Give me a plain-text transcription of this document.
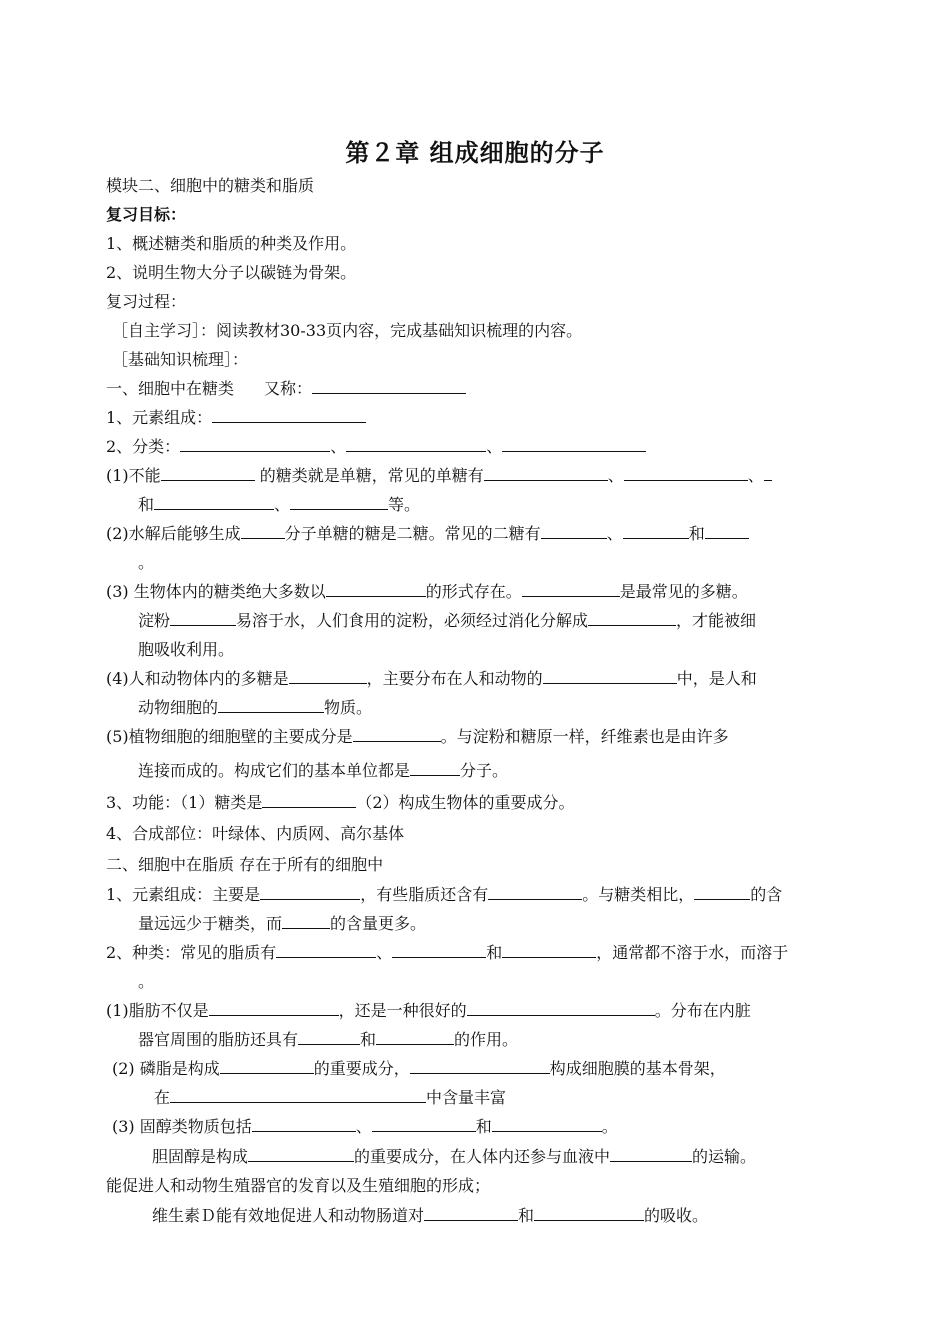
第２章 组成细胞的分子
模块二、细胞中的糖类和脂质
复习目标：
1、概述糖类和脂质的种类及作用。
2、说明生物大分子以碳链为骨架。
复习过程：
［自主学习］：阅读教材30-33页内容，完成基础知识梳理的内容。
［基础知识梳理］：
一、细胞中在糖类 又称：
1、元素组成：
2、分类：	、	、
(1)不能	的糖类就是单糖，常见的单糖有	、	、
和	、	等。
(2)水解后能够生成	分子单糖的糖是二糖。常见的二糖有	、	和
。
(3) 生物体内的糖类绝大多数以	的形式存在。	是最常见的多糖。
淀粉	易溶于水，人们食用的淀粉，必须经过消化分解成	，才能被细
胞吸收利用。
(4)人和动物体内的多糖是	，主要分布在人和动物的	中，是人和
动物细胞的	物质。
(5)植物细胞的细胞壁的主要成分是	。与淀粉和糖原一样，纤维素也是由许多
连接而成的。构成它们的基本单位都是	分子。
3、功能：（1）糖类是	（2）构成生物体的重要成分。
4、合成部位：叶绿体、内质网、高尔基体
二、细胞中在脂质 存在于所有的细胞中
1、元素组成：主要是	，有些脂质还含有	。与糖类相比，	的含
量远远少于糖类，而	的含量更多。
2、种类：常见的脂质有	、	和	，通常都不溶于水，而溶于
。
(1)脂肪不仅是	，还是一种很好的	。分布在内脏
器官周围的脂肪还具有	和	的作用。
(2) 磷脂是构成	的重要成分，	构成细胞膜的基本骨架，
在	中含量丰富
(3) 固醇类物质包括	、	和	。
胆固醇是构成	的重要成分，在人体内还参与血液中	的运输。
能促进人和动物生殖器官的发育以及生殖细胞的形成；
维生素Ｄ能有效地促进人和动物肠道对	和	的吸收。
